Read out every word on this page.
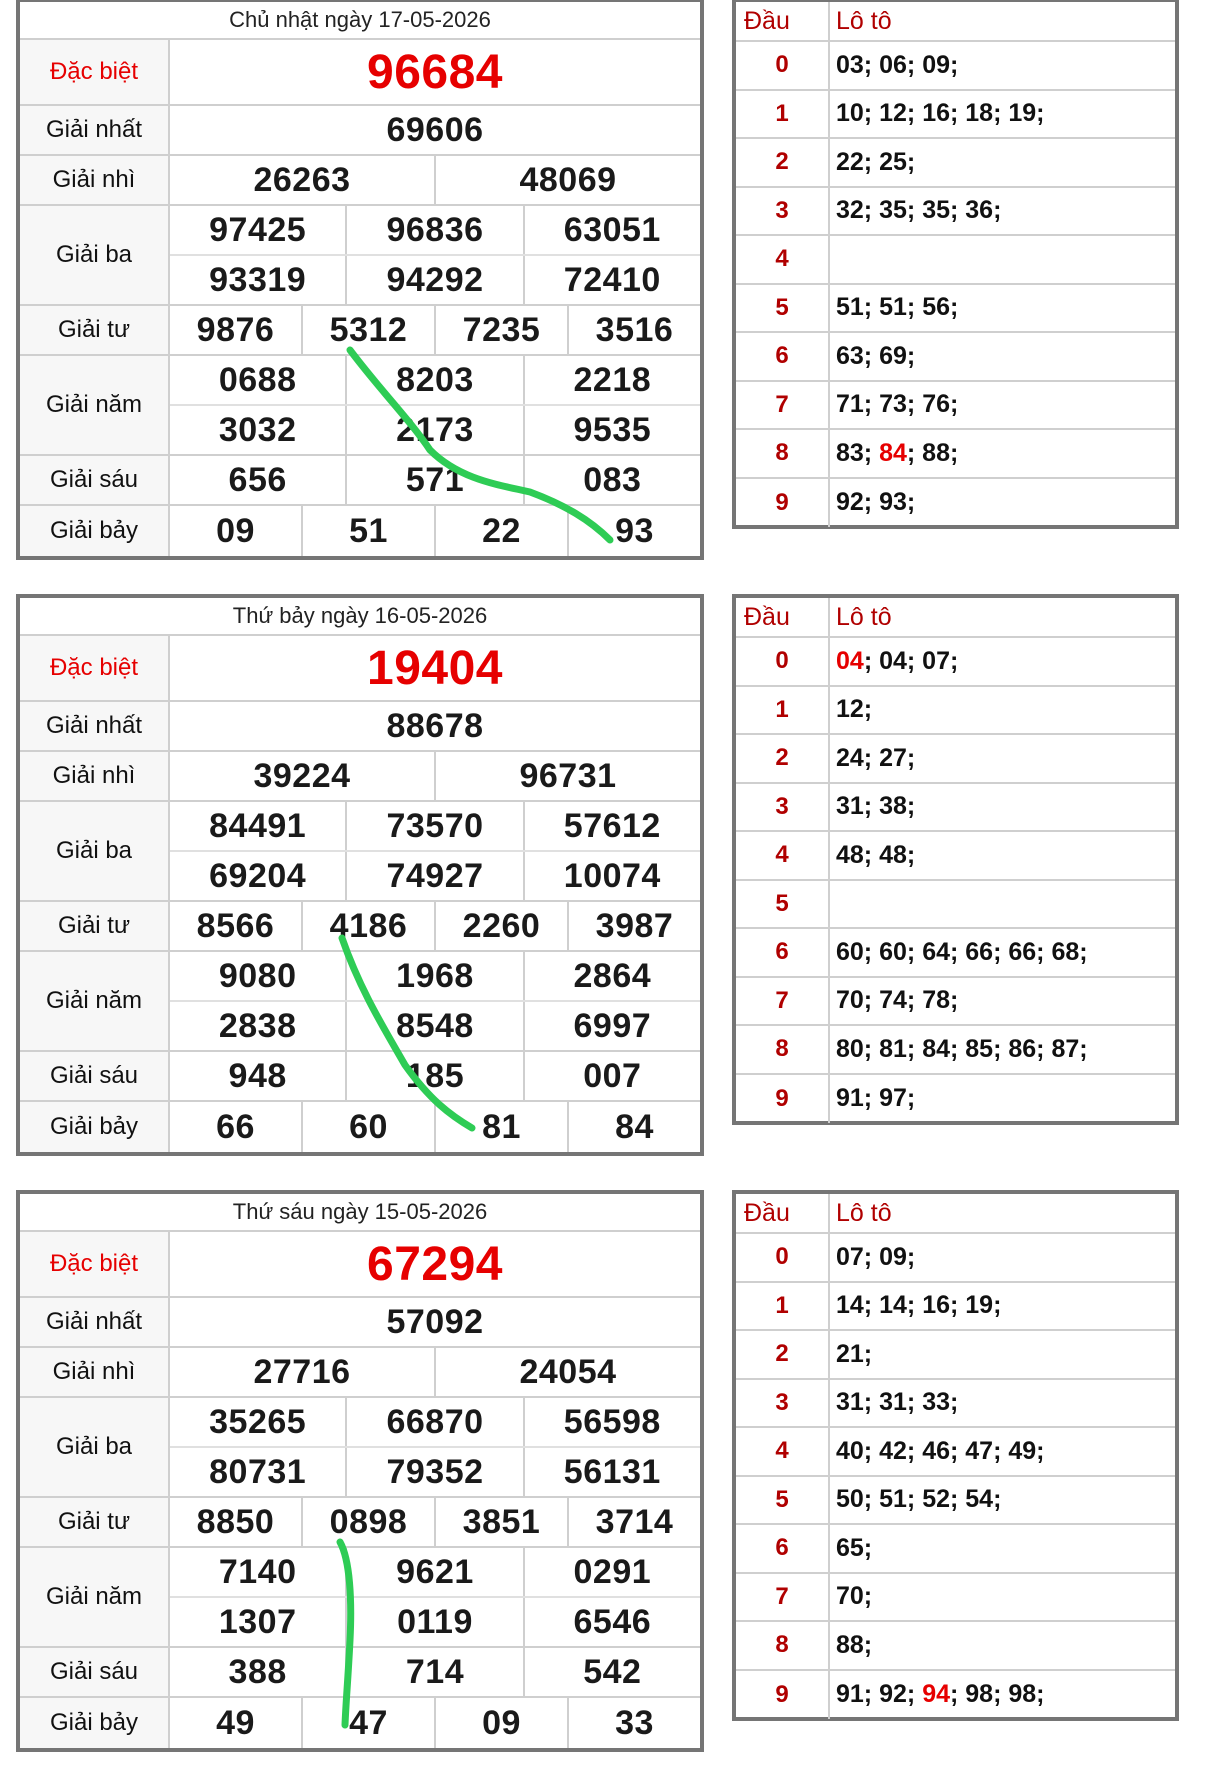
Chủ nhật ngày 17-05-2026
Đặc biệt	96684
Giải nhất	69606
Giải nhì	26263	48069
Giải ba
97425	96836	63051
93319	94292	72410
Giải tư	9876	5312	7235	3516
Giải năm
0688	8203	2218
3032	2173	9535
Giải sáu	656	571	083
Giải bảy	09	51	22	93
Đầu	Lô tô
0	03; 06; 09;
1	10; 12; 16; 18; 19;
2	22; 25;
3	32; 35; 35; 36;
4
5	51; 51; 56;
6	63; 69;
7	71; 73; 76;
8	83; 84 ; 88;
9	92; 93;
Thứ bảy ngày 16-05-2026
Đặc biệt	19404
Giải nhất	88678
Giải nhì	39224	96731
Giải ba
84491	73570	57612
69204	74927	10074
Giải tư	8566	4186	2260	3987
Giải năm
9080	1968	2864
2838	8548	6997
Giải sáu	948	185	007
Giải bảy	66	60	81	84
Đầu	Lô tô
0	04 ; 04; 07;
1	12;
2	24; 27;
3	31; 38;
4	48; 48;
5
6	60; 60; 64; 66; 66; 68;
7	70; 74; 78;
8	80; 81; 84; 85; 86; 87;
9	91; 97;
Thứ sáu ngày 15-05-2026
Đặc biệt	67294
Giải nhất	57092
Giải nhì	27716	24054
Giải ba
35265	66870	56598
80731	79352	56131
Giải tư	8850	0898	3851	3714
Giải năm
7140	9621	0291
1307	0119	6546
Giải sáu	388	714	542
Giải bảy	49	47	09	33
Đầu	Lô tô
0	07; 09;
1	14; 14; 16; 19;
2	21;
3	31; 31; 33;
4	40; 42; 46; 47; 49;
5	50; 51; 52; 54;
6	65;
7	70;
8	88;
9	91; 92; 94 ; 98; 98;
